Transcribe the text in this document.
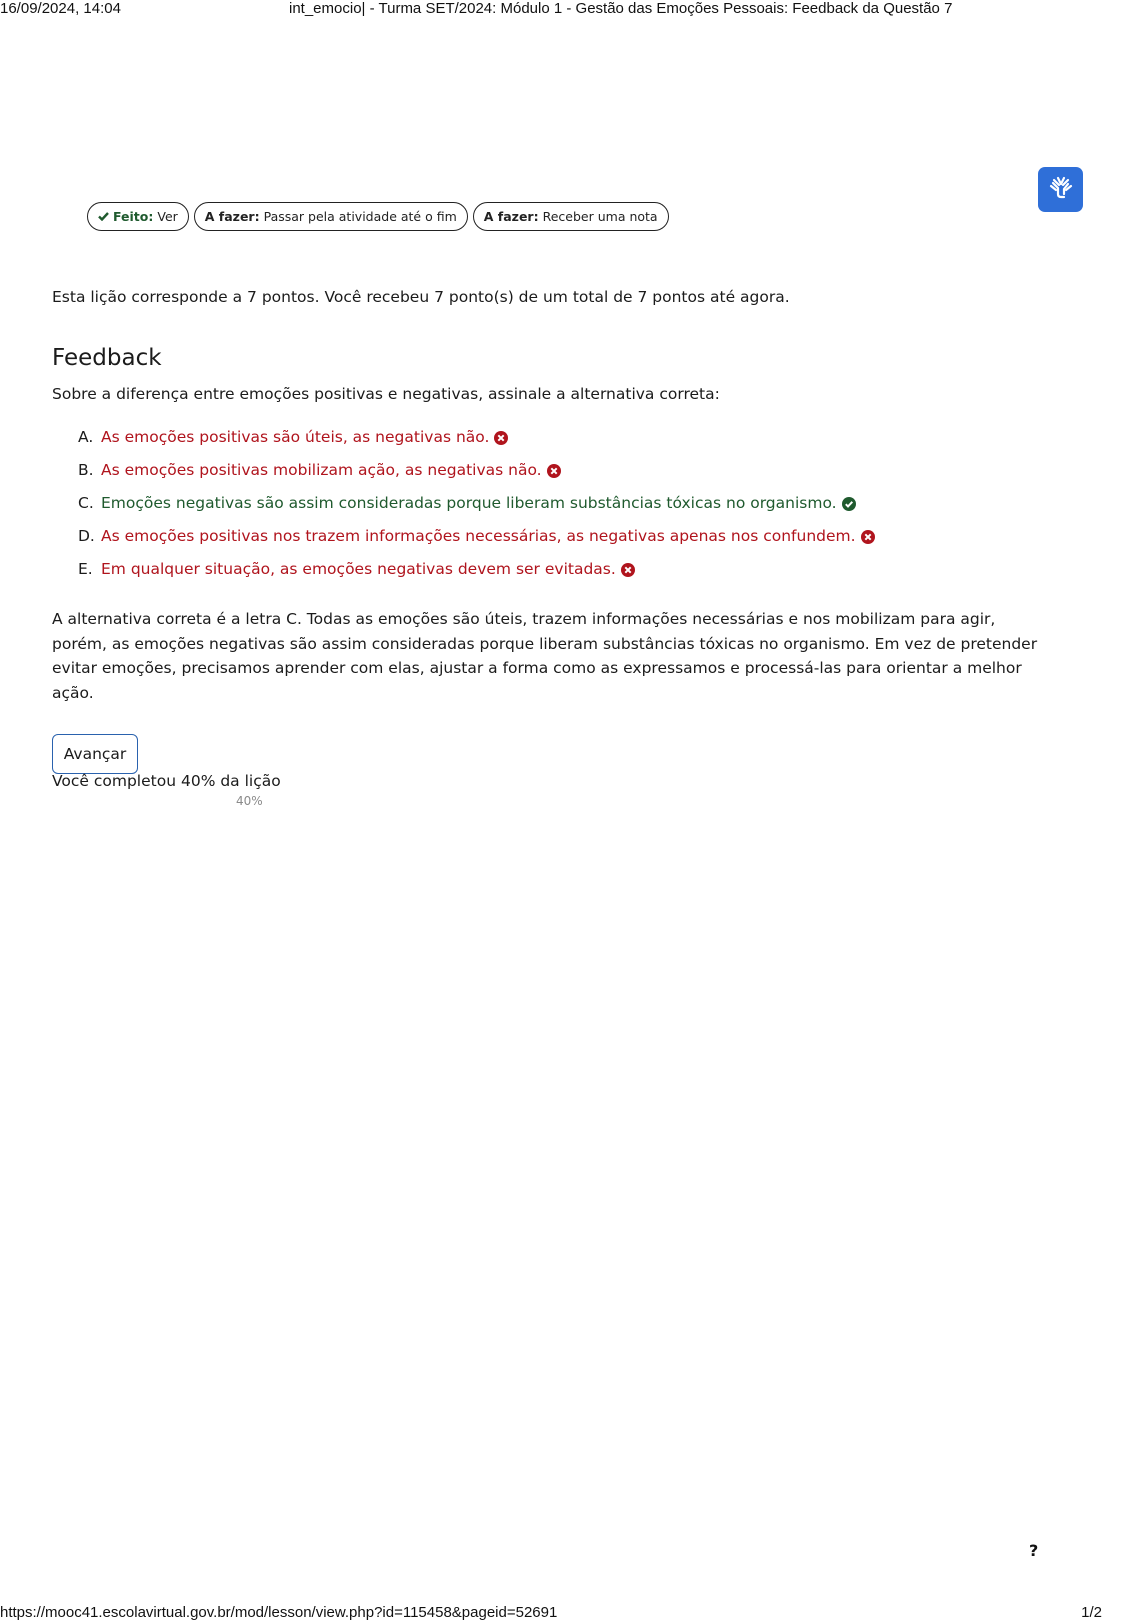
16/09/2024, 14:04	int_emocio| - Turma SET/2024: Módulo 1 - Gestão das Emoções Pessoais: Feedback da Questão 7
Feito: Ver A fazer: Passar pela atividade até o fim A fazer: Receber uma nota
Esta lição corresponde a 7 pontos. Você recebeu 7 ponto(s) de um total de 7 pontos até agora.
Feedback
Sobre a diferença entre emoções positivas e negativas, assinale a alternativa correta:
A. As emoções positivas são úteis, as negativas não.
B. As emoções positivas mobilizam ação, as negativas não.
C. Emoções negativas são assim consideradas porque liberam substâncias tóxicas no organismo.
D. As emoções positivas nos trazem informações necessárias, as negativas apenas nos confundem.
E. Em qualquer situação, as emoções negativas devem ser evitadas.

A alternativa correta é a letra C. Todas as emoções são úteis, trazem informações necessárias e nos mobilizam para agir, porém, as emoções negativas são assim consideradas porque liberam substâncias tóxicas no organismo. Em vez de pretender evitar emoções, precisamos aprender com elas, ajustar a forma como as expressamos e processá-las para orientar a melhor ação.

Avançar
Você completou 40% da lição
40%
?
https://mooc41.escolavirtual.gov.br/mod/lesson/view.php?id=115458&pageid=52691	1/2
